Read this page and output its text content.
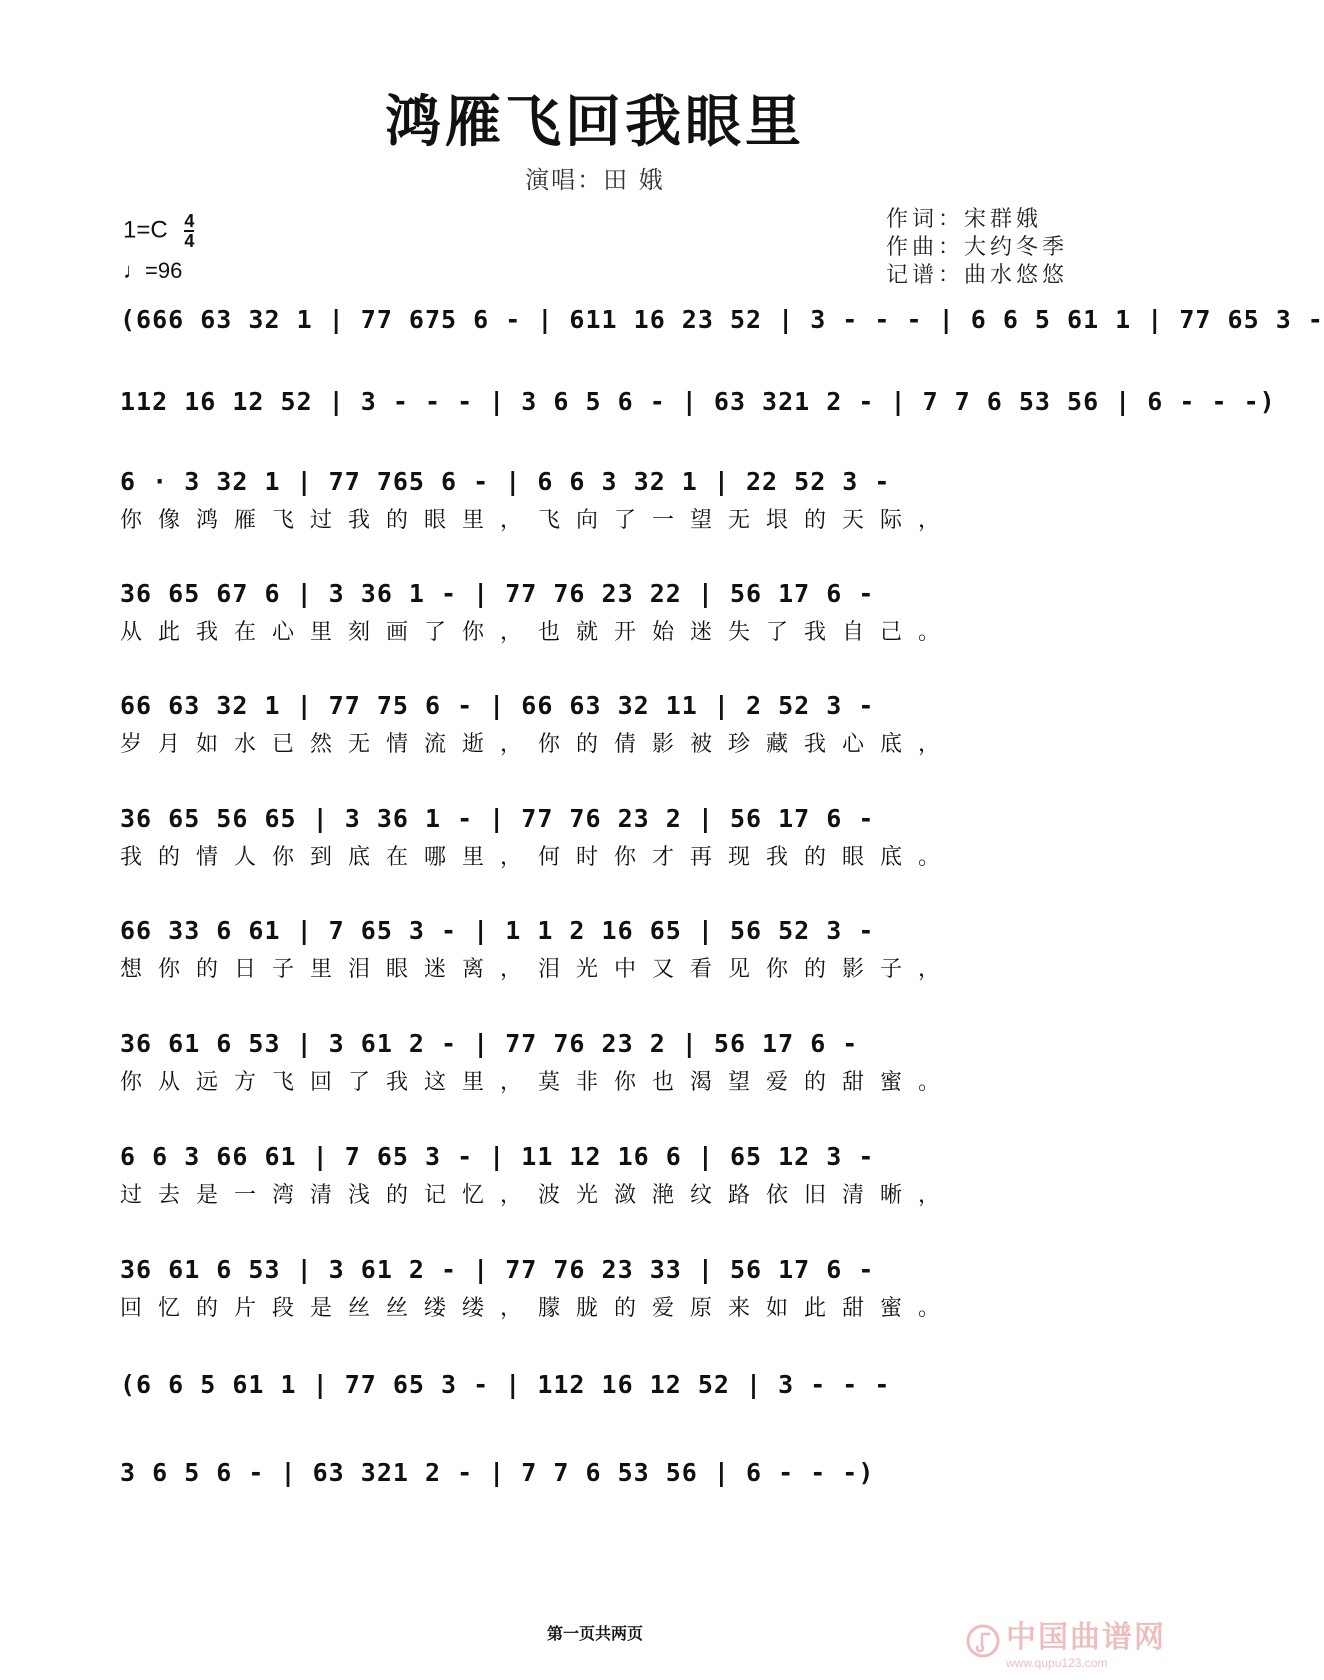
鸿雁飞回我眼里
演唱：田 娥
$1=C \frac{4}{4}$
♩=96
作词：宋群娥
作曲：大约冬季
记谱：曲水悠悠
(666 63 32 1 | 77 675 6 - | 611 16 23 52 | 3 - - - | 6 6 5 61 1 | 77 65 3 -
112 16 12 52 | 3 - - - | 3 6 5 6 - | 63 321 2 - | 7 7 6 53 56 | 6 - - -)
6 · 3 32 1 | 77 765 6 - | 6 6 3 32 1 | 22 52 3 -
你像鸿雁飞过我的眼里，飞向了一望无垠的天际，
36 65 67 6 | 3 36 1 - | 77 76 23 22 | 56 17 6 -
从此我在心里刻画了你，也就开始迷失了我自己。
66 63 32 1 | 77 75 6 - | 66 63 32 11 | 2 52 3 -
岁月如水已然无情流逝，你的倩影被珍藏我心底，
36 65 56 65 | 3 36 1 - | 77 76 23 2 | 56 17 6 -
我的情人你到底在哪里，何时你才再现我的眼底。
66 33 6 61 | 7 65 3 - | 1 1 2 16 65 | 56 52 3 -
想你的日子里泪眼迷离，泪光中又看见你的影子，
36 61 6 53 | 3 61 2 - | 77 76 23 2 | 56 17 6 -
你从远方飞回了我这里，莫非你也渴望爱的甜蜜。
6 6 3 66 61 | 7 65 3 - | 11 12 16 6 | 65 12 3 -
过去是一湾清浅的记忆，波光潋滟纹路依旧清晰，
36 61 6 53 | 3 61 2 - | 77 76 23 33 | 56 17 6 -
回忆的片段是丝丝缕缕，朦胧的爱原来如此甜蜜。
(6 6 5 61 1 | 77 65 3 - | 112 16 12 52 | 3 - - -
3 6 5 6 - | 63 321 2 - | 7 7 6 53 56 | 6 - - -)
第一页共两页	中国曲谱网
www.qupu123.com
